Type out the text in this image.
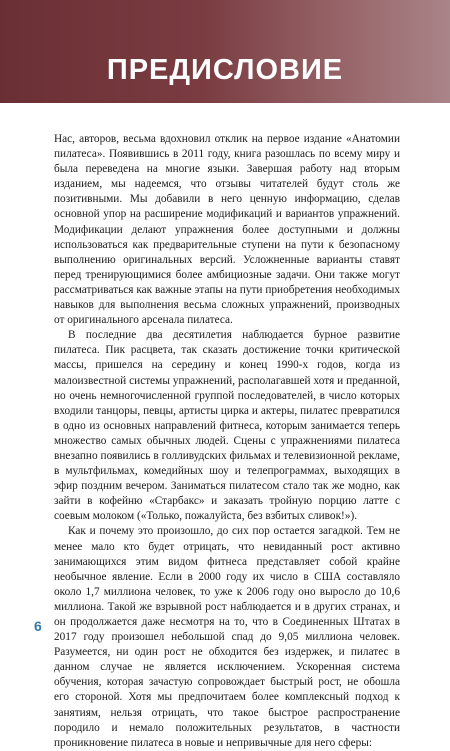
ПРЕДИСЛОВИЕ

Нас, авторов, весьма вдохновил отклик на первое издание «Анатомии пилатеса». Появившись в 2011 году, книга разошлась по всему миру и была переведена на многие языки. Завершая работу над вторым изданием, мы надеемся, что отзывы читателей будут столь же позитивными. Мы добавили в него ценную информацию, сделав основной упор на расширение модификаций и вариантов упражнений. Модификации делают упражнения более доступными и должны использоваться как предварительные ступени на пути к безопасному выполнению оригинальных версий. Усложненные варианты ставят перед тренирующимися более амбициозные задачи. Они также могут рассматриваться как важные этапы на пути приобретения необходимых навыков для выполнения весьма сложных упражнений, производных от оригинального арсенала пилатеса.

В последние два десятилетия наблюдается бурное развитие пилатеса. Пик расцвета, так сказать достижение точки критической массы, пришелся на середину и конец 1990-х годов, когда из малоизвестной системы упражнений, располагавшей хотя и преданной, но очень немногочисленной группой последователей, в число которых входили танцоры, певцы, артисты цирка и актеры, пилатес превратился в одно из основных направлений фитнеса, которым занимается теперь множество самых обычных людей. Сцены с упражнениями пилатеса внезапно появились в голливудских фильмах и телевизионной рекламе, в мультфильмах, комедийных шоу и телепрограммах, выходящих в эфир поздним вечером. Заниматься пилатесом стало так же модно, как зайти в кофейню «Старбакс» и заказать тройную порцию латте с соевым молоком («Только, пожалуйста, без взбитых сливок!»).

Как и почему это произошло, до сих пор остается загадкой. Тем не менее мало кто будет отрицать, что невиданный рост активно занимающихся этим видом фитнеса представляет собой крайне необычное явление. Если в 2000 году их число в США составляло около 1,7 миллиона человек, то уже к 2006 году оно выросло до 10,6 миллиона. Такой же взрывной рост наблюдается и в других странах, и он продолжается даже несмотря на то, что в Соединенных Штатах в 2017 году произошел небольшой спад до 9,05 миллиона человек. Разумеется, ни один рост не обходится без издержек, и пилатес в данном случае не является исключением. Ускоренная система обучения, которая зачастую сопровождает быстрый рост, не обошла его стороной. Хотя мы предпочитаем более комплексный подход к занятиям, нельзя отрицать, что такое быстрое распространение породило и немало положительных результатов, в частности проникновение пилатеса в новые и непривычные для него сферы:

6
